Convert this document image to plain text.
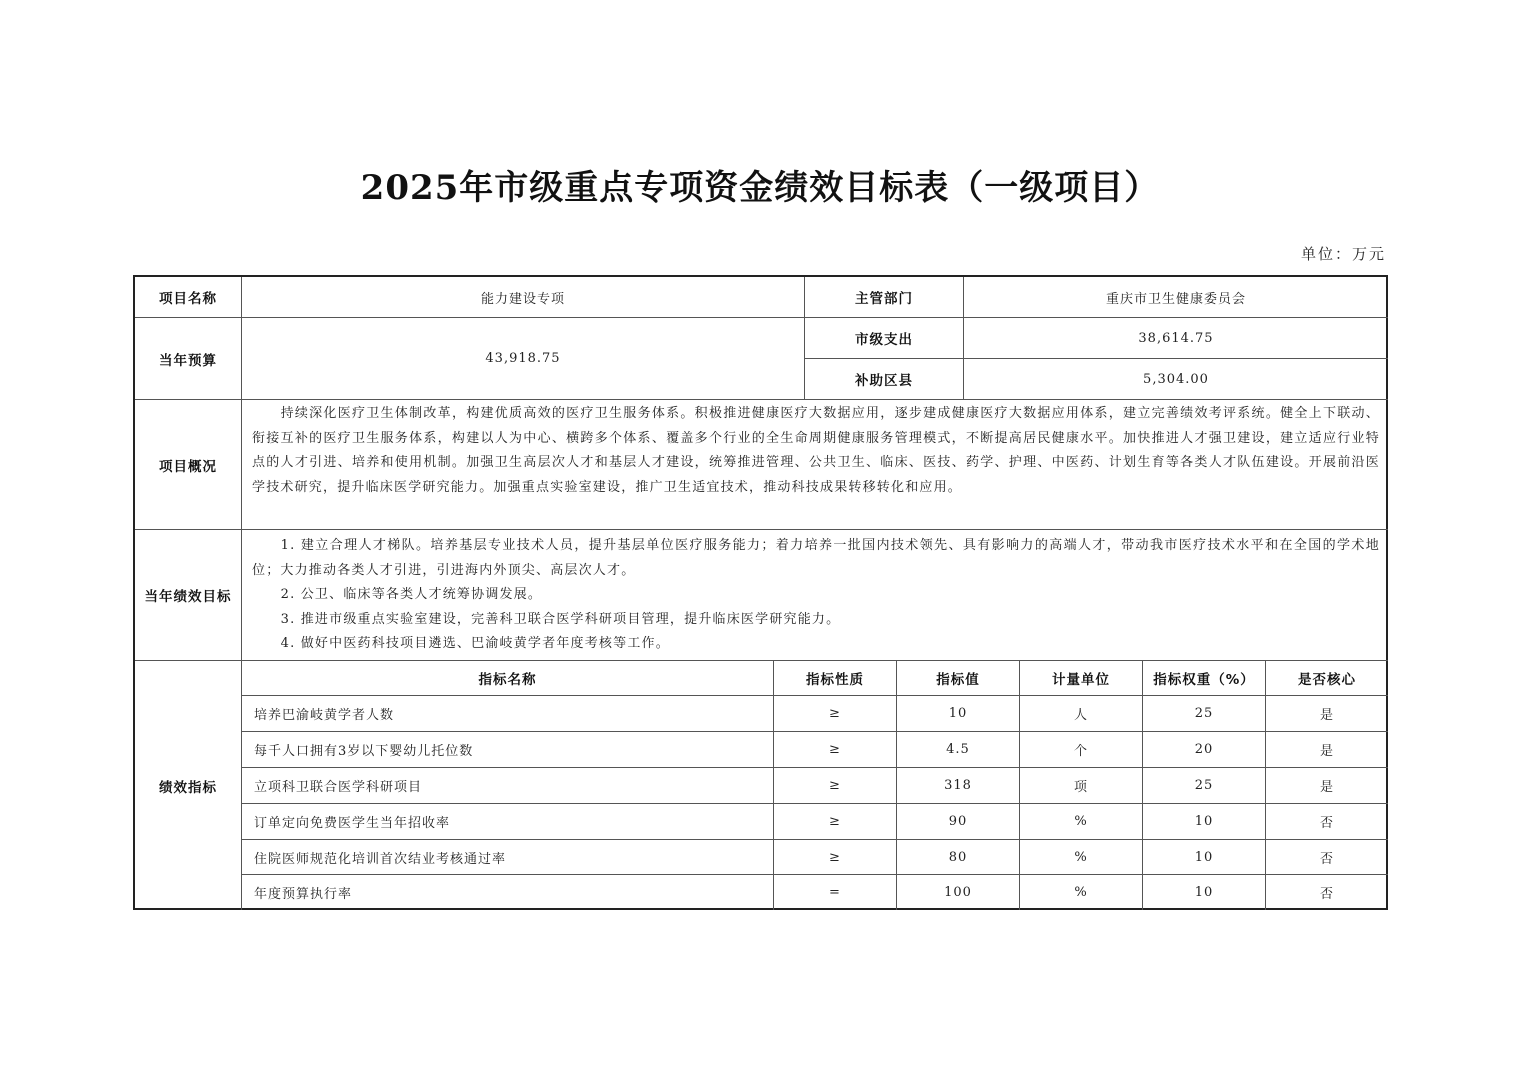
2025年市级重点专项资金绩效目标表（一级项目）
单位：万元
项目名称	能力建设专项	主管部门	重庆市卫生健康委员会
当年预算	43,918.75
市级支出	38,614.75
补助区县	5,304.00
项目概况

持续深化医疗卫生体制改革，构建优质高效的医疗卫生服务体系。积极推进健康医疗大数据应用，逐步建成健康医疗大数据应用体系，建立完善绩效考评系统。健全上下联动、衔接互补的医疗卫生服务体系，构建以人为中心、横跨多个体系、覆盖多个行业的全生命周期健康服务管理模式，不断提高居民健康水平。加快推进人才强卫建设，建立适应行业特点的人才引进、培养和使用机制。加强卫生高层次人才和基层人才建设，统筹推进管理、公共卫生、临床、医技、药学、护理、中医药、计划生育等各类人才队伍建设。开展前沿医学技术研究，提升临床医学研究能力。加强重点实验室建设，推广卫生适宜技术，推动科技成果转移转化和应用。

当年绩效目标

1. 建立合理人才梯队。培养基层专业技术人员，提升基层单位医疗服务能力；着力培养一批国内技术领先、具有影响力的高端人才，带动我市医疗技术水平和在全国的学术地位；大力推动各类人才引进，引进海内外顶尖、高层次人才。

2. 公卫、临床等各类人才统筹协调发展。

3. 推进市级重点实验室建设，完善科卫联合医学科研项目管理，提升临床医学研究能力。

4. 做好中医药科技项目遴选、巴渝岐黄学者年度考核等工作。

绩效指标
指标名称	指标性质	指标值	计量单位	指标权重（%）	是否核心
培养巴渝岐黄学者人数	≥	10	人	25	是
每千人口拥有3岁以下婴幼儿托位数	≥	4.5	个	20	是
立项科卫联合医学科研项目	≥	318	项	25	是
订单定向免费医学生当年招收率	≥	90	%	10	否
住院医师规范化培训首次结业考核通过率	≥	80	%	10	否
年度预算执行率	=	100	%	10	否
